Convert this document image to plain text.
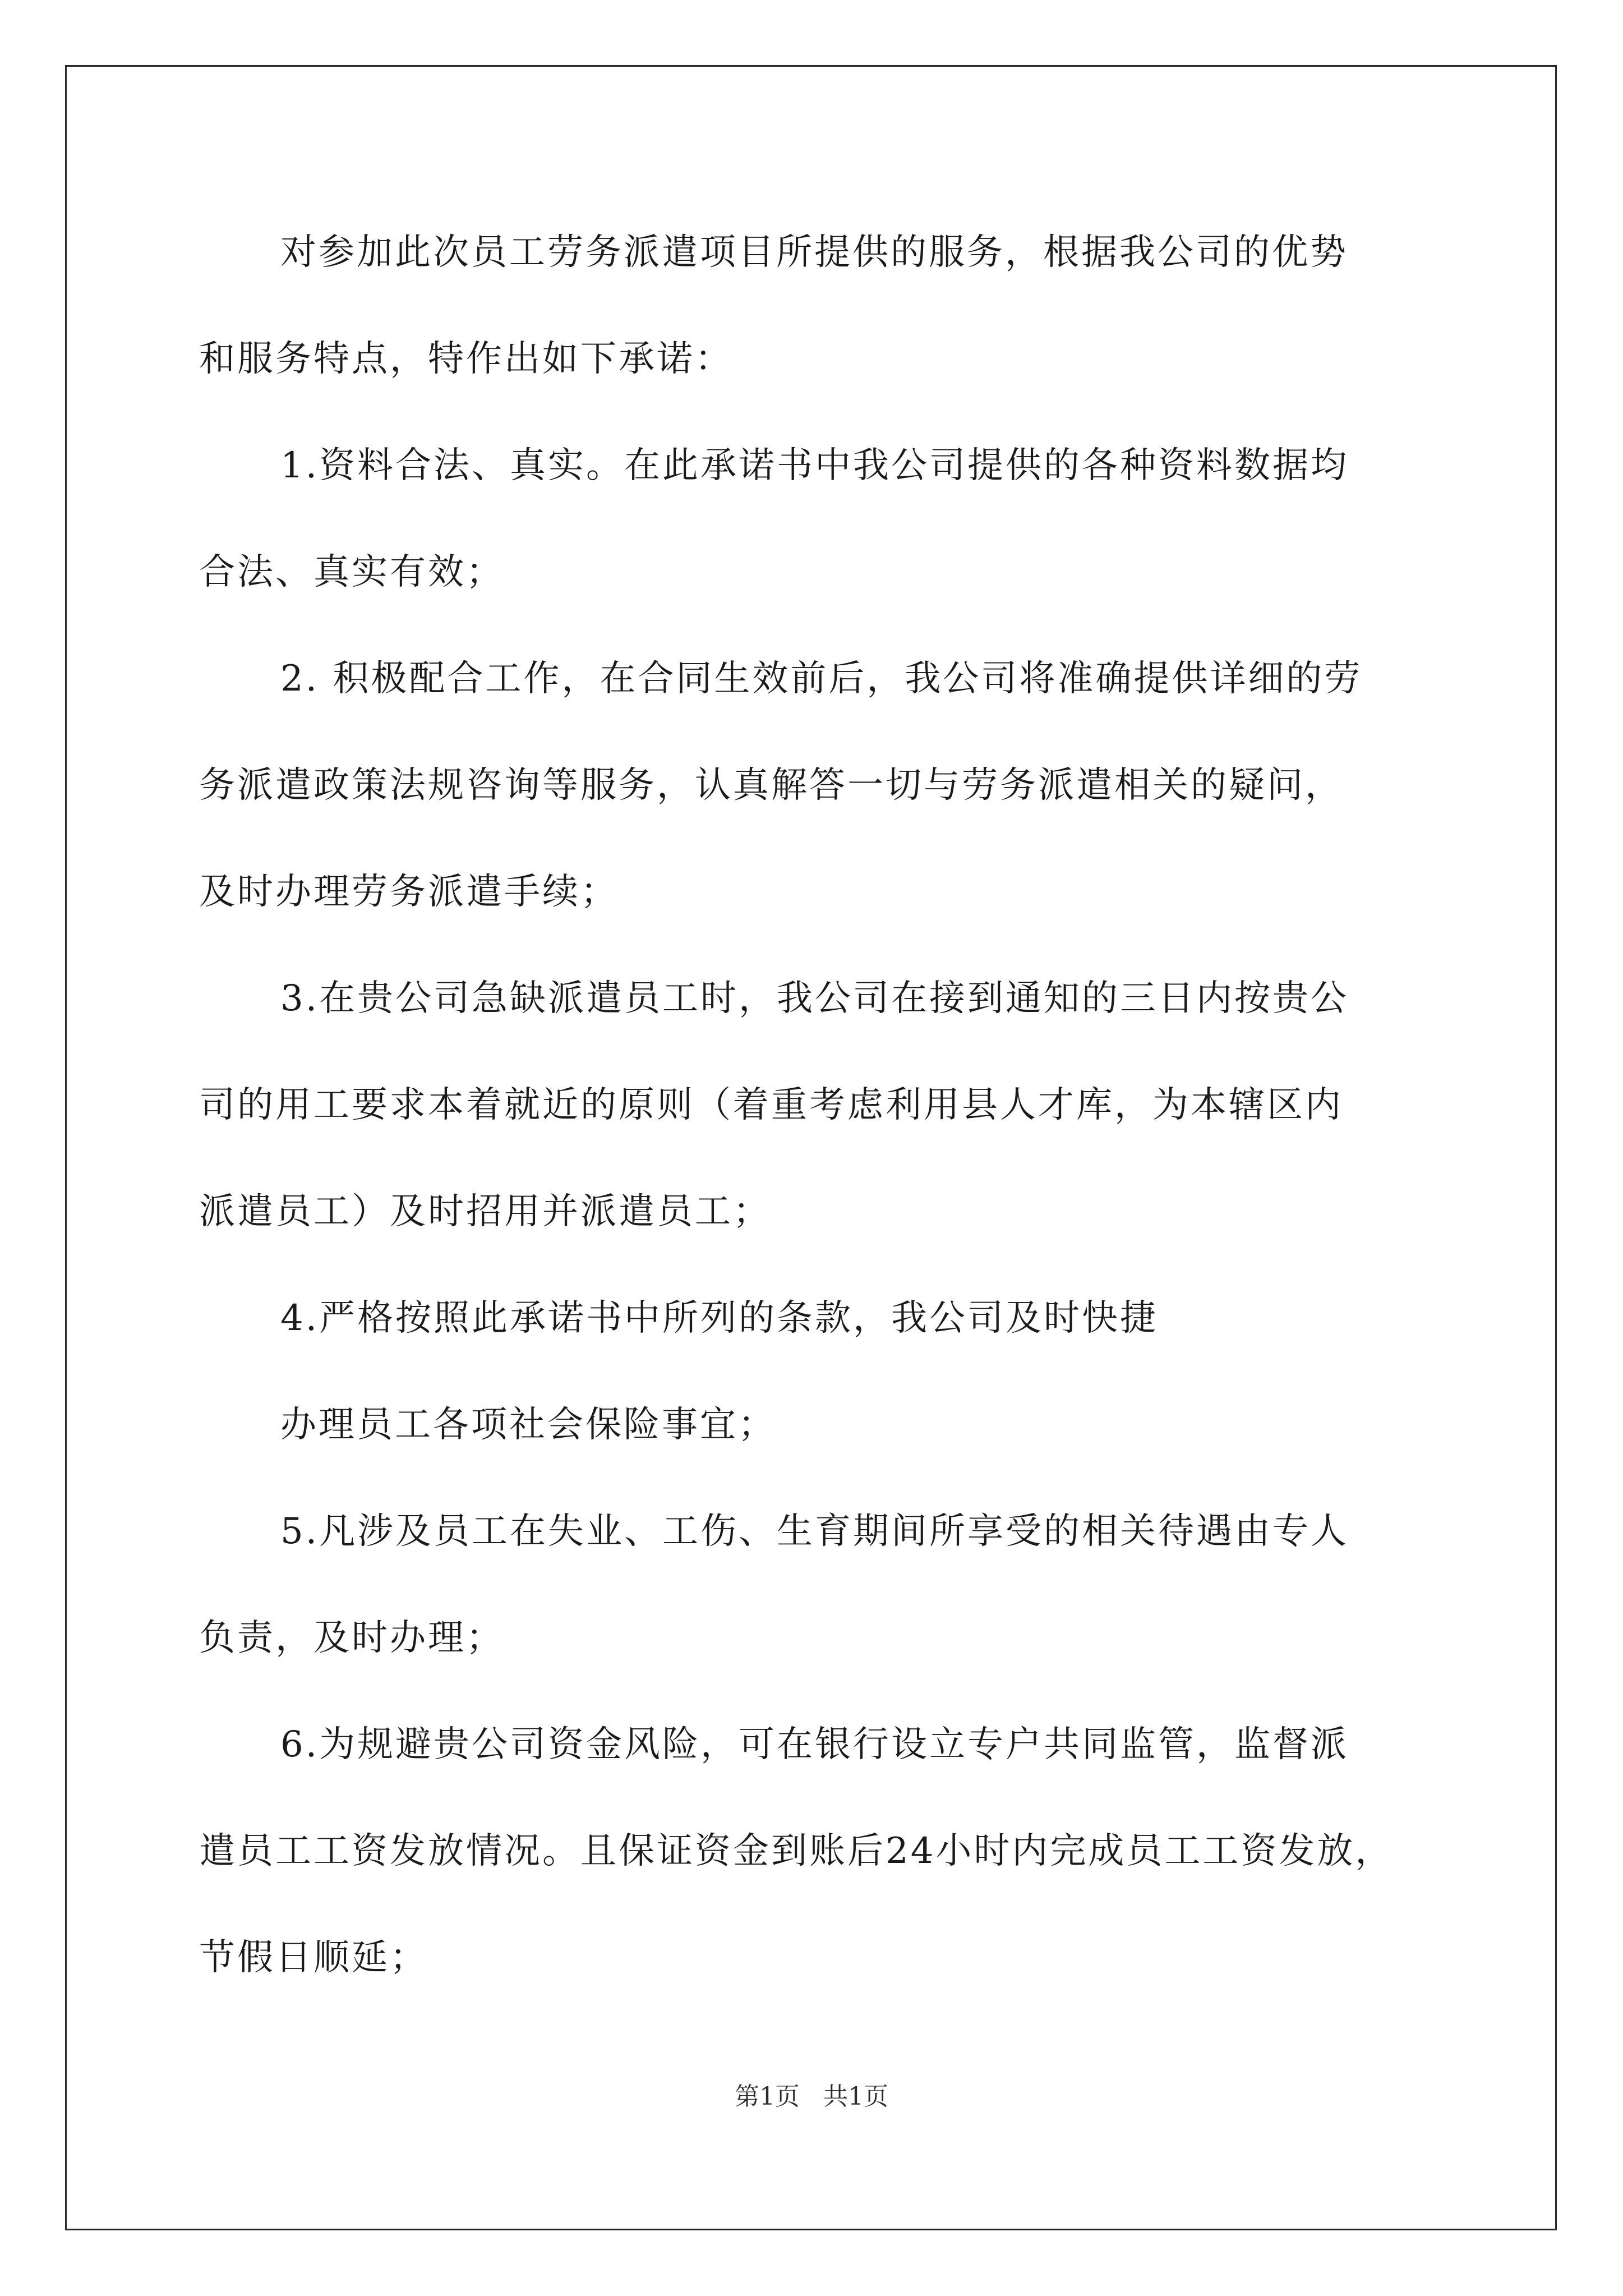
对参加此次员工劳务派遣项目所提供的服务，根据我公司的优势
和服务特点，特作出如下承诺：
1.资料合法、真实。在此承诺书中我公司提供的各种资料数据均
合法、真实有效；
2. 积极配合工作，在合同生效前后，我公司将准确提供详细的劳
务派遣政策法规咨询等服务，认真解答一切与劳务派遣相关的疑问，
及时办理劳务派遣手续；
3.在贵公司急缺派遣员工时，我公司在接到通知的三日内按贵公
司的用工要求本着就近的原则（着重考虑利用县人才库，为本辖区内
派遣员工）及时招用并派遣员工；
4.严格按照此承诺书中所列的条款，我公司及时快捷
办理员工各项社会保险事宜；
5.凡涉及员工在失业、工伤、生育期间所享受的相关待遇由专人
负责，及时办理；
6.为规避贵公司资金风险，可在银行设立专户共同监管，监督派
遣员工工资发放情况。且保证资金到账后24小时内完成员工工资发放，
节假日顺延；
第1页   共1页
